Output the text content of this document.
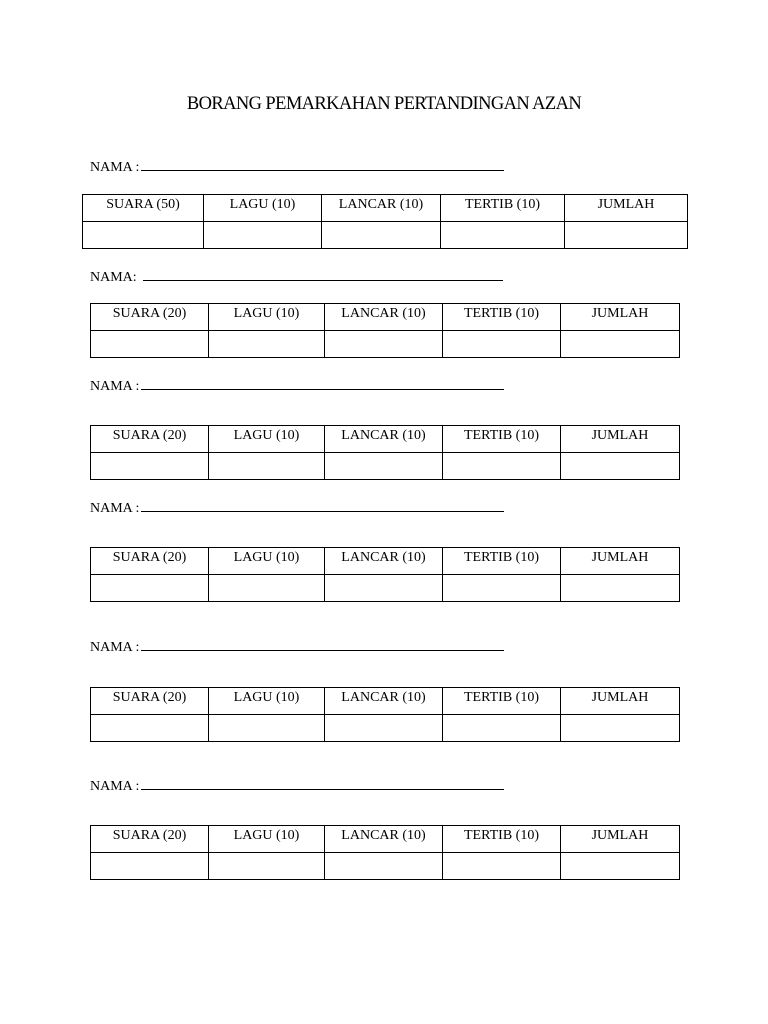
BORANG PEMARKAHAN PERTANDINGAN AZAN
NAMA :
SUARA (50)	LAGU (10)	LANCAR (10)	TERTIB (10)	JUMLAH

NAMA:
SUARA (20)	LAGU (10)	LANCAR (10)	TERTIB (10)	JUMLAH

NAMA :
SUARA (20)	LAGU (10)	LANCAR (10)	TERTIB (10)	JUMLAH

NAMA :
SUARA (20)	LAGU (10)	LANCAR (10)	TERTIB (10)	JUMLAH

NAMA :
SUARA (20)	LAGU (10)	LANCAR (10)	TERTIB (10)	JUMLAH

NAMA :
SUARA (20)	LAGU (10)	LANCAR (10)	TERTIB (10)	JUMLAH
